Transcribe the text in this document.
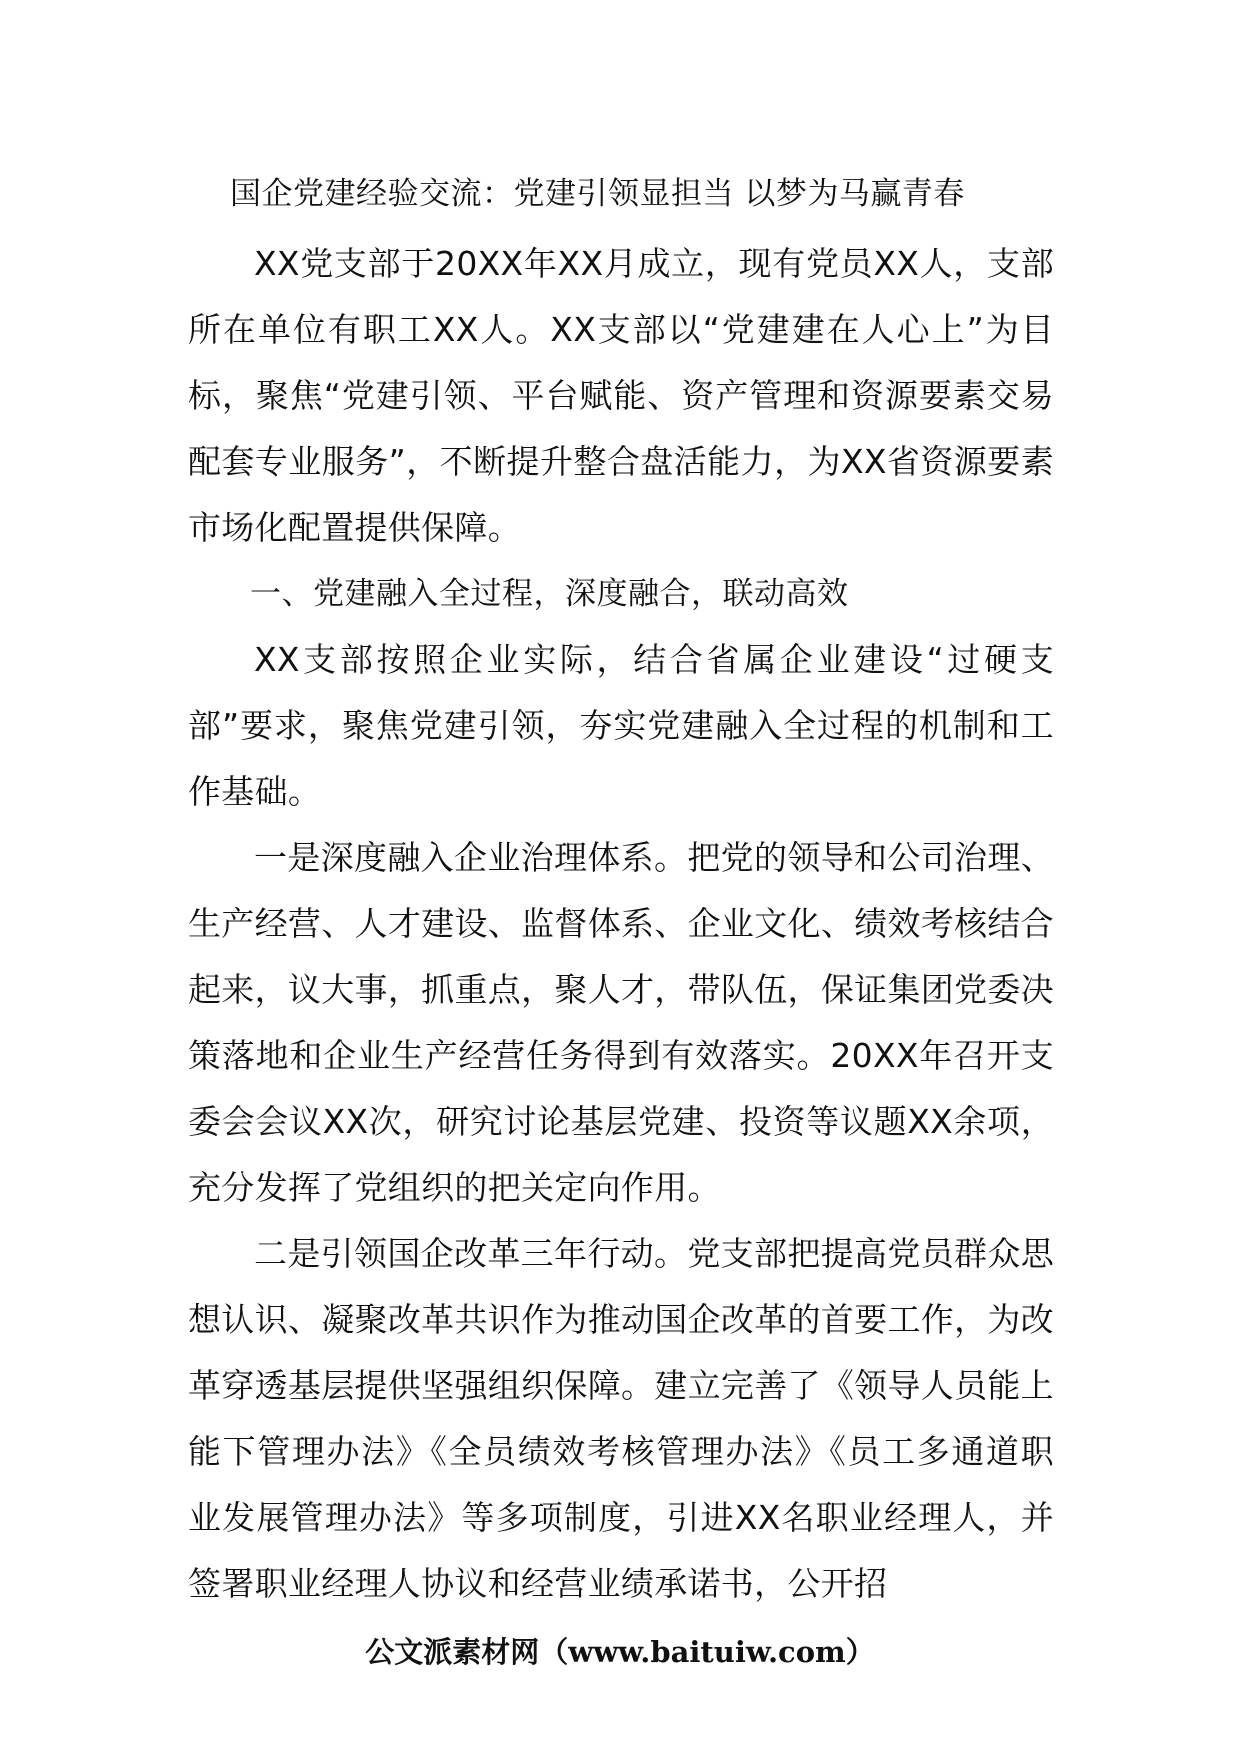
国企党建经验交流：党建引领显担当 以梦为马赢青春

XX党支部于20XX年XX月成立，现有党员XX人，支部所在单位有职工XX人。XX支部以“党建建在人心上”为目标，聚焦“党建引领、平台赋能、资产管理和资源要素交易配套专业服务”，不断提升整合盘活能力，为XX省资源要素市场化配置提供保障。

一、党建融入全过程，深度融合，联动高效

XX支部按照企业实际，结合省属企业建设“过硬支部”要求，聚焦党建引领，夯实党建融入全过程的机制和工作基础。

一是深度融入企业治理体系。把党的领导和公司治理、生产经营、人才建设、监督体系、企业文化、绩效考核结合起来，议大事，抓重点，聚人才，带队伍，保证集团党委决策落地和企业生产经营任务得到有效落实。20XX年召开支委会会议XX次，研究讨论基层党建、投资等议题XX余项，充分发挥了党组织的把关定向作用。

二是引领国企改革三年行动。党支部把提高党员群众思想认识、凝聚改革共识作为推动国企改革的首要工作，为改革穿透基层提供坚强组织保障。建立完善了《领导人员能上能下管理办法》《全员绩效考核管理办法》《员工多通道职业发展管理办法》等多项制度，引进XX名职业经理人，并签署职业经理人协议和经营业绩承诺书，公开招

公文派素材网（www.baituiw.com）
